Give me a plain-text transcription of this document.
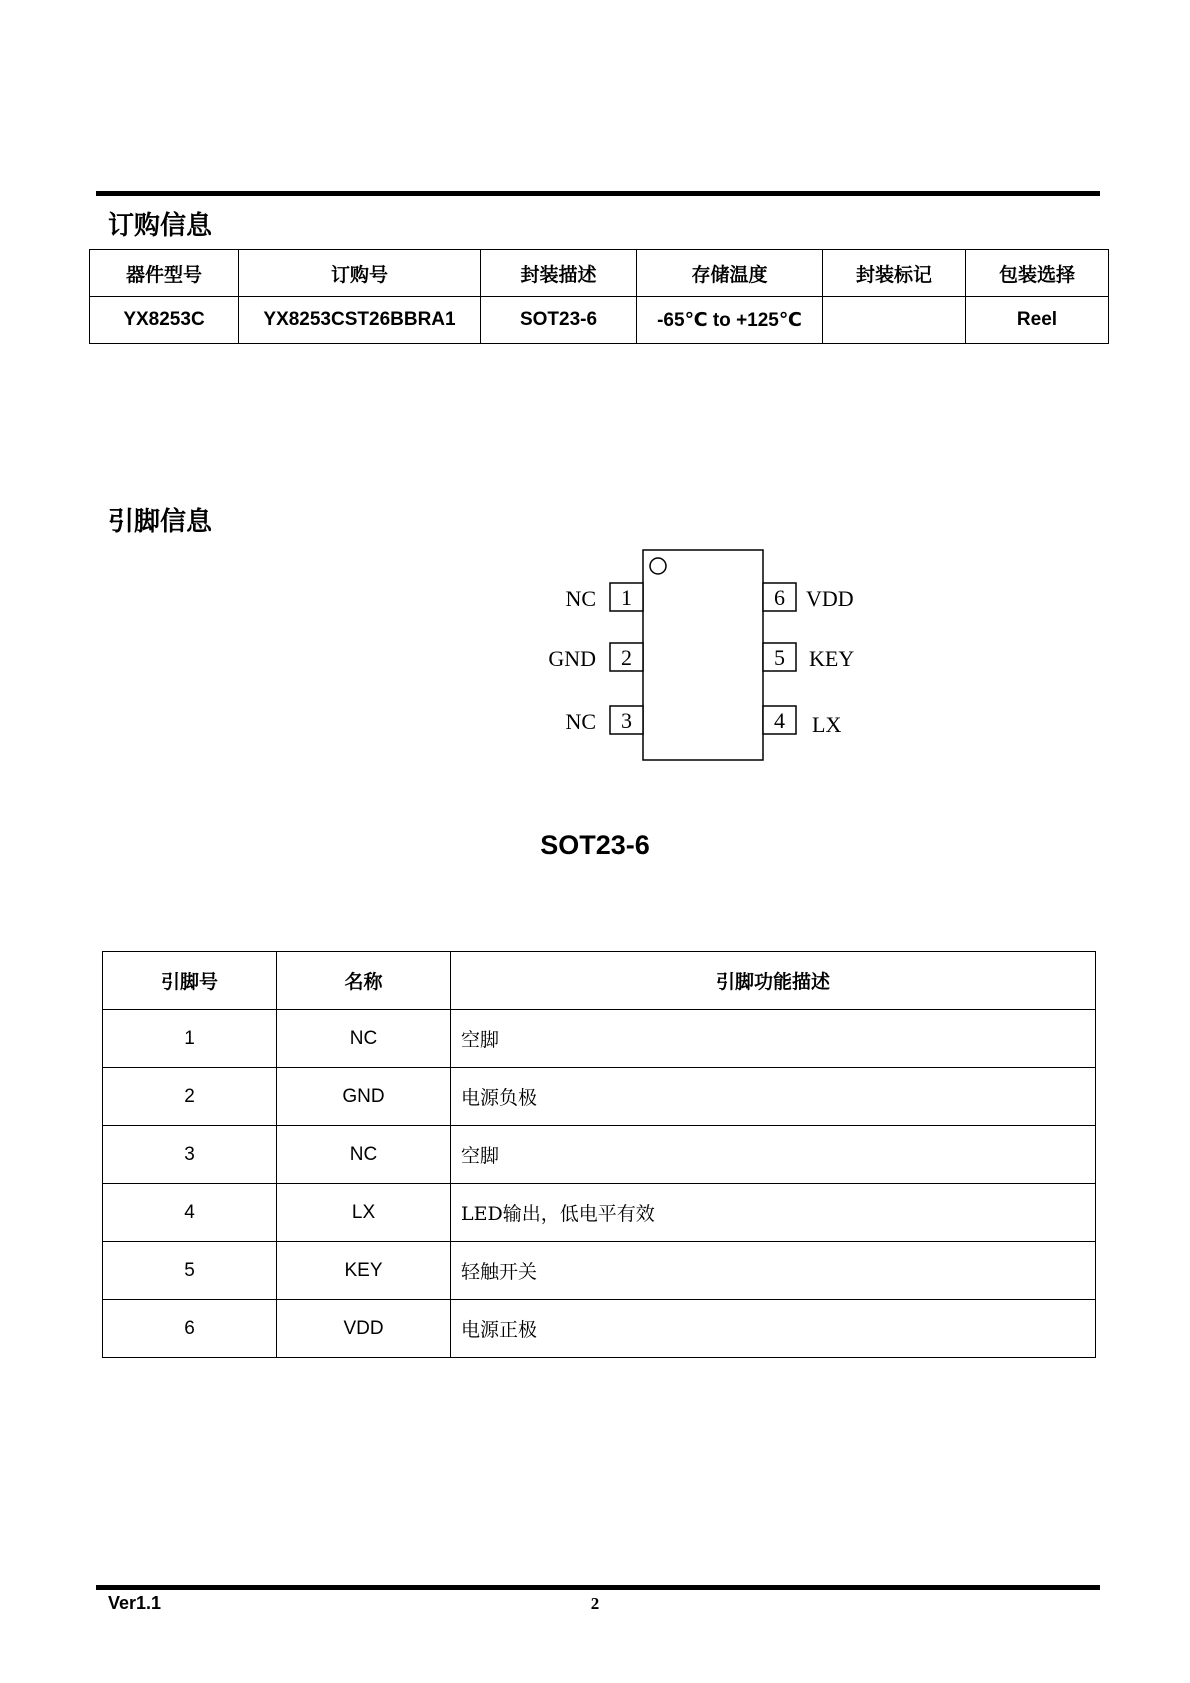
订购信息
器件型号	订购号	封装描述	存储温度	封装标记	包装选择
YX8253C	YX8253CST26BBRA1	SOT23-6	-65℃ to +125℃		Reel
引脚信息
1
NC
2
GND
3
NC
6 VDD
5 KEY
4 LX
SOT23-6
引脚号	名称	引脚功能描述
1	NC	空脚
2	GND	电源负极
3	NC	空脚
4	LX	LED输出，低电平有效
5	KEY	轻触开关
6	VDD	电源正极
Ver1.1	2
